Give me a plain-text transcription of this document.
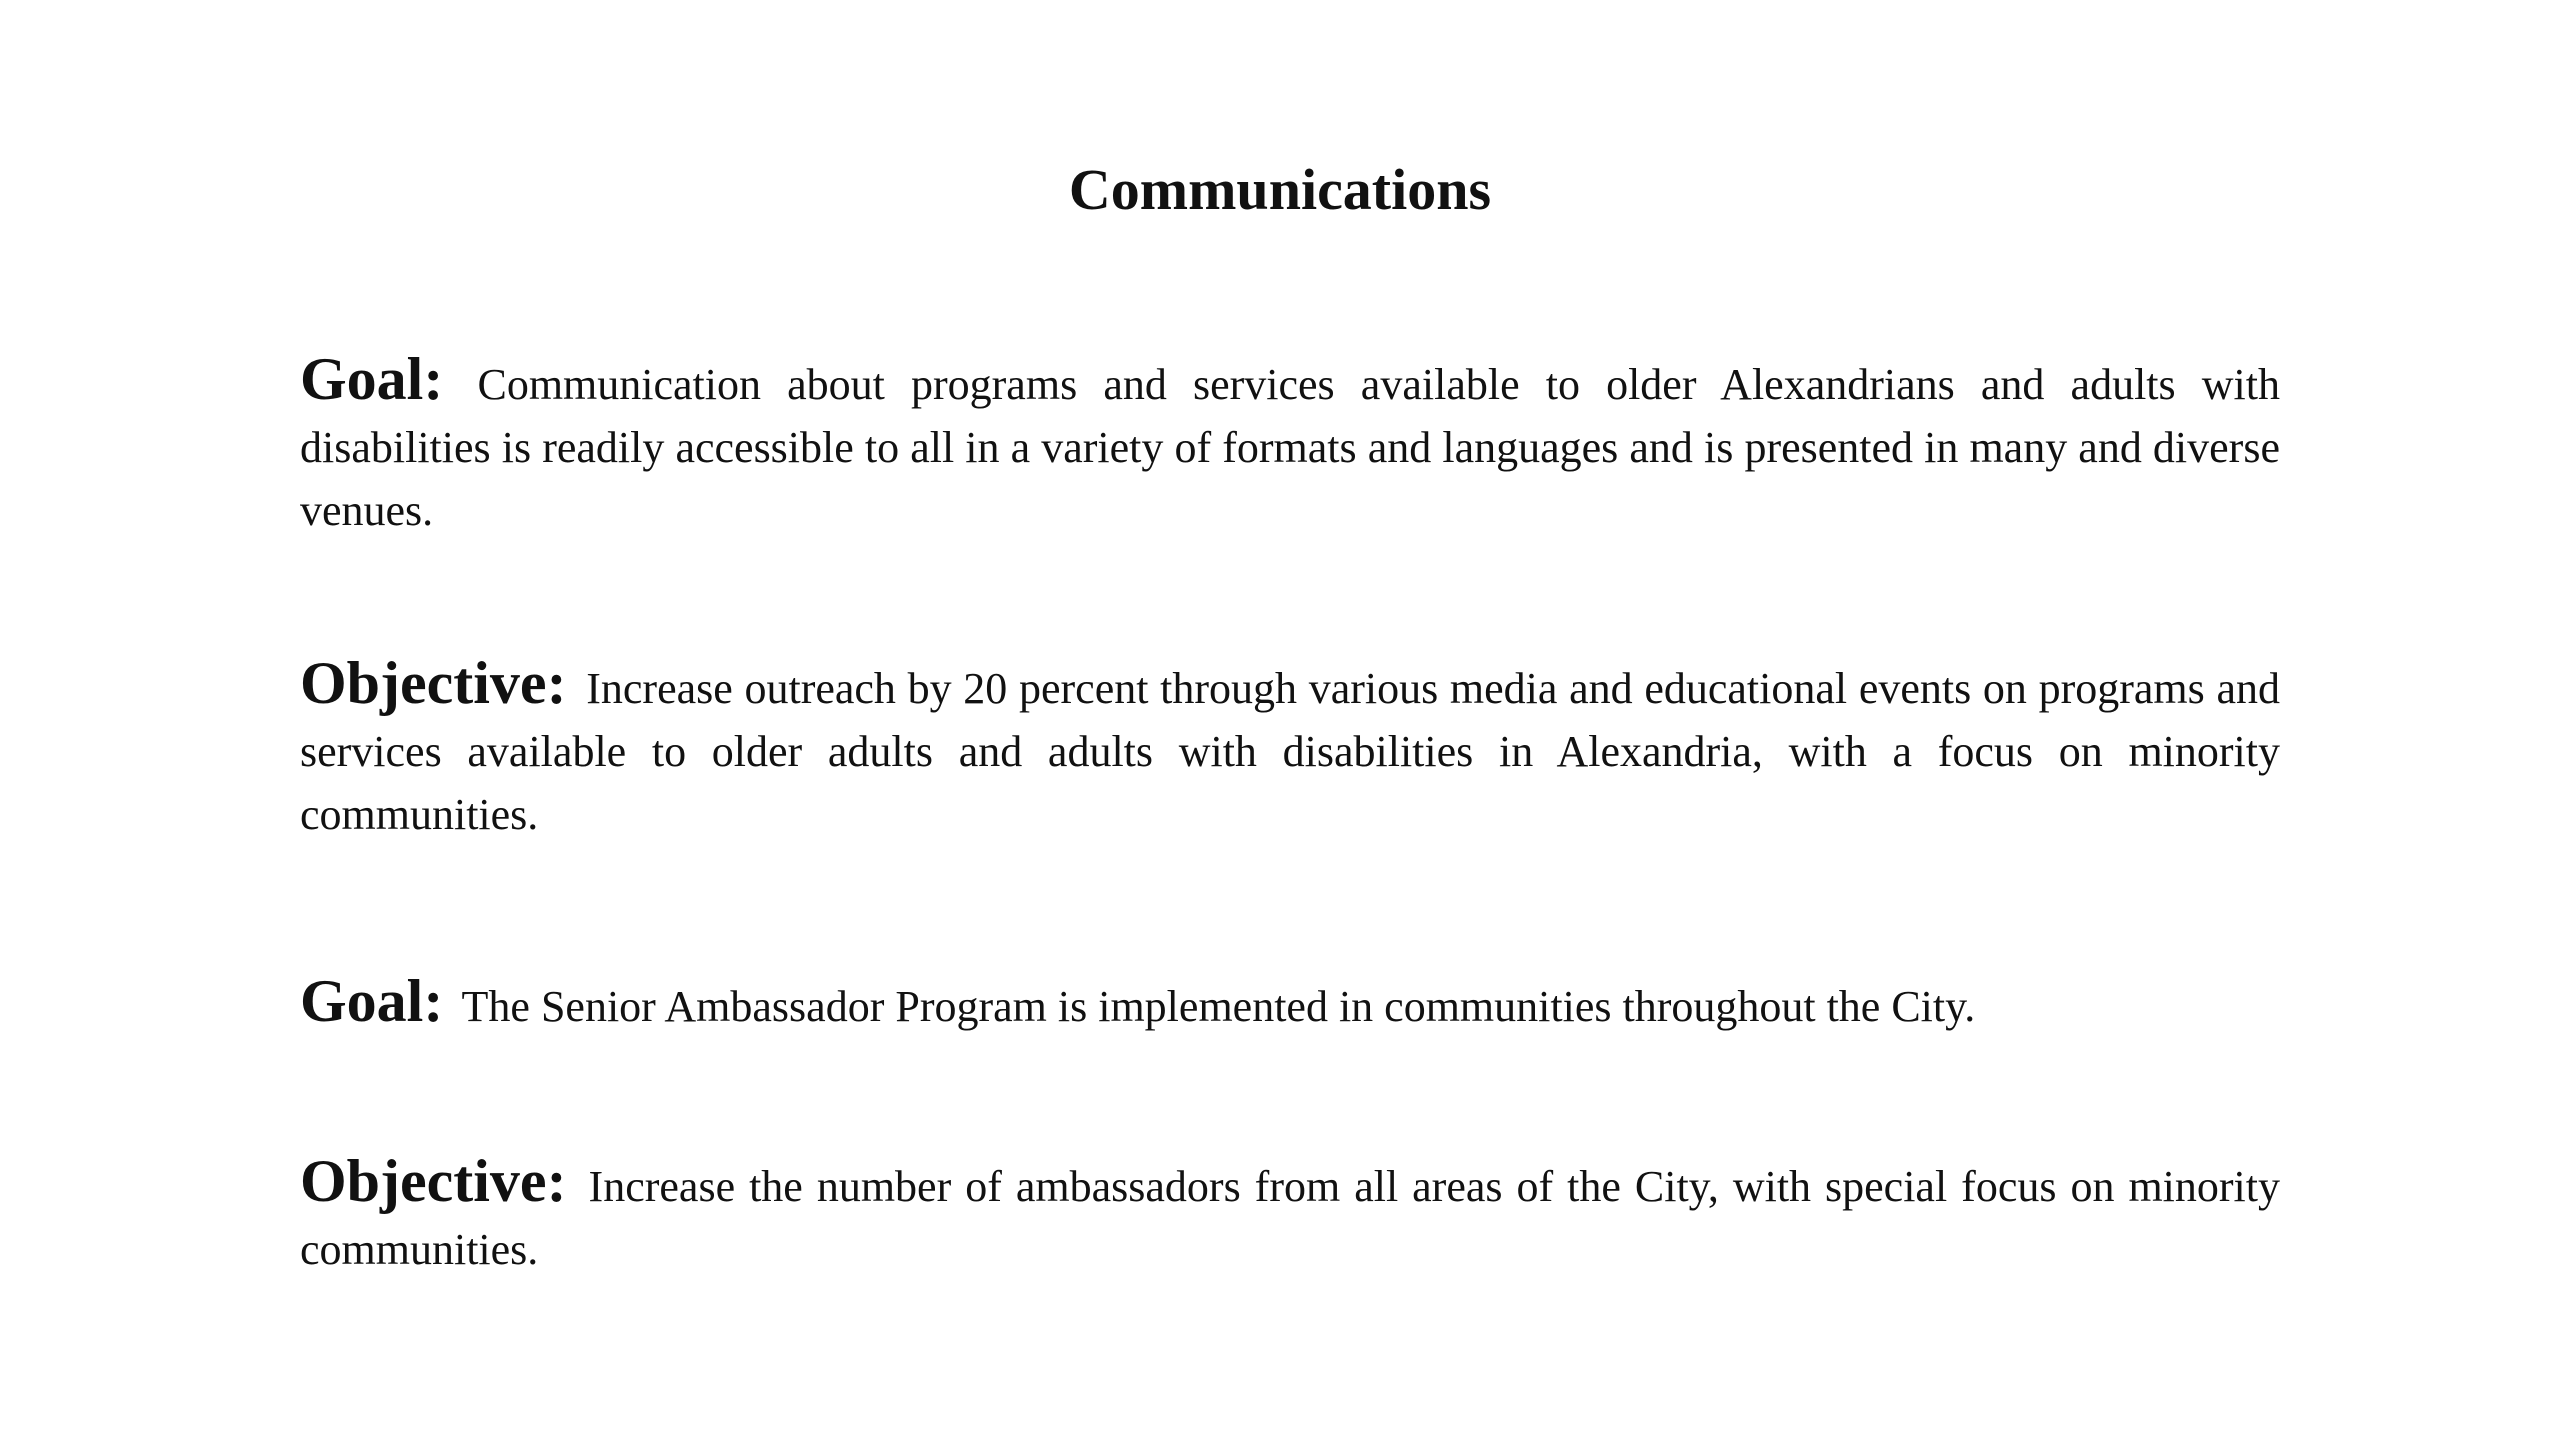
Communications

Goal: Communication about programs and services available to older Alexandrians and adults with disabilities is readily accessible to all in a variety of formats and languages and is presented in many and diverse venues.

Objective: Increase outreach by 20 percent through various media and educational events on programs and services available to older adults and adults with disabilities in Alexandria, with a focus on minority communities.

Goal: The Senior Ambassador Program is implemented in communities throughout the City.

Objective: Increase the number of ambassadors from all areas of the City, with special focus on minority communities.
